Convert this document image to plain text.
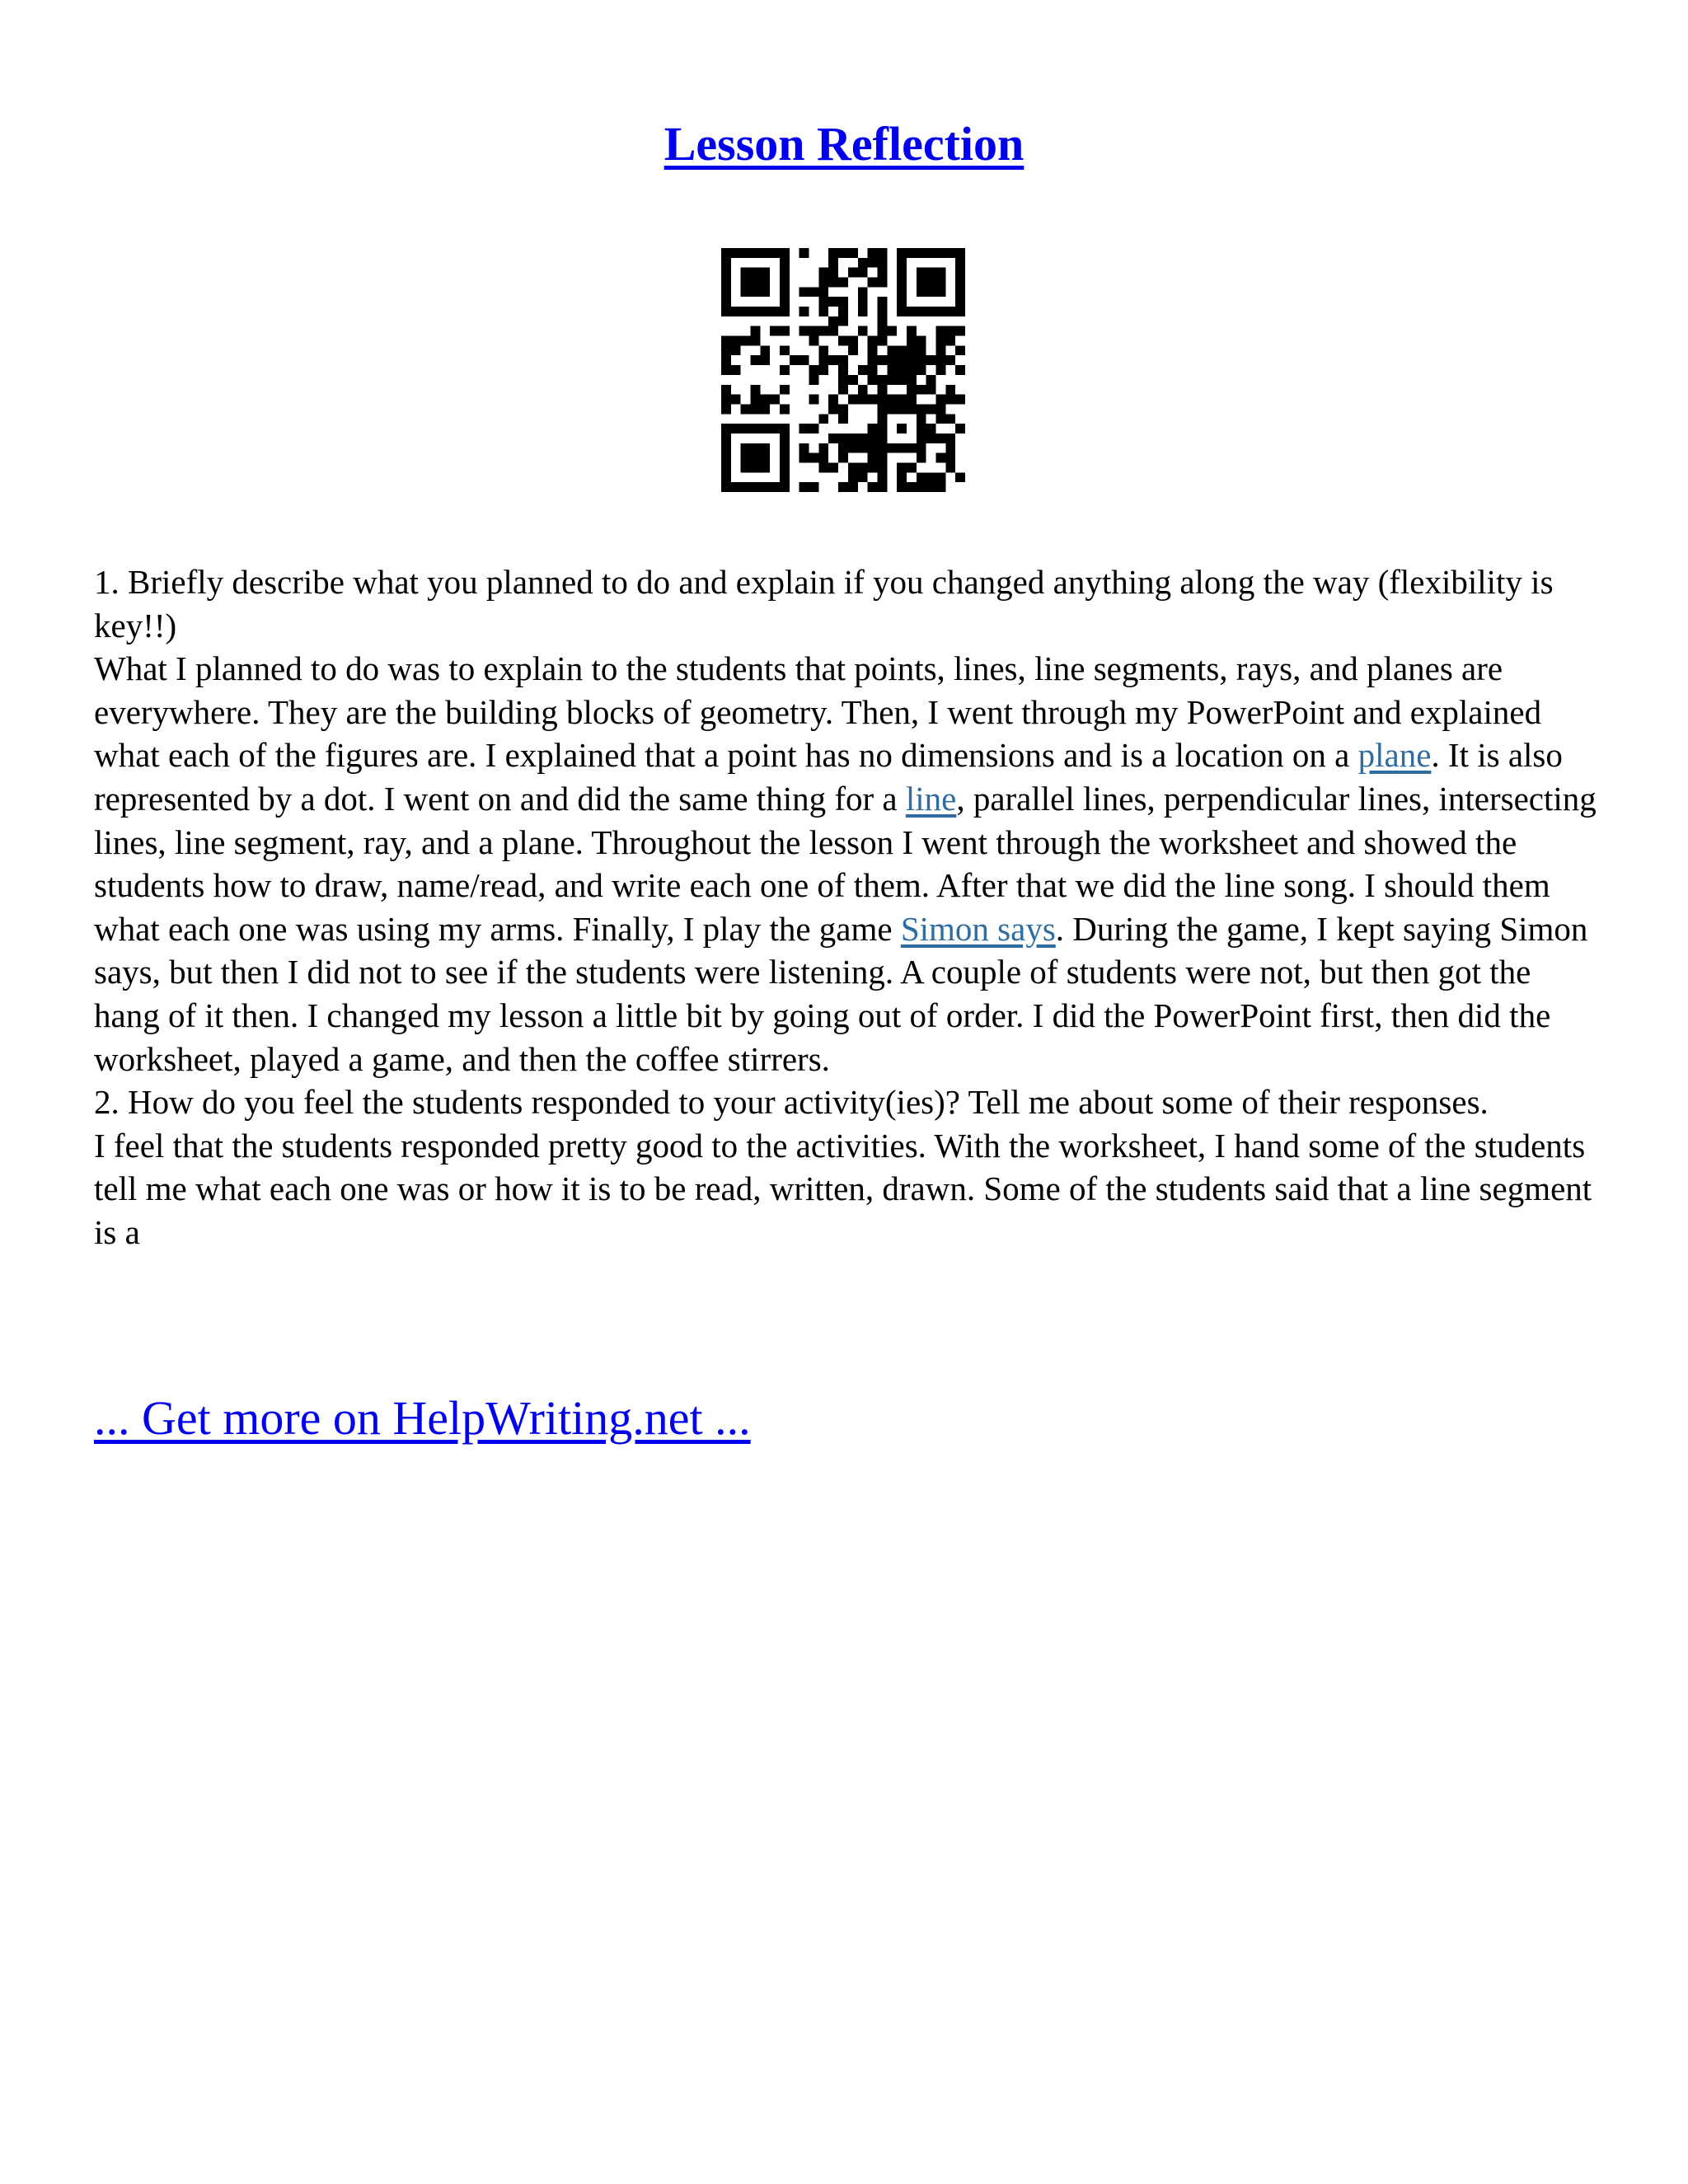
Lesson Reflection

1. Briefly describe what you planned to do and explain if you changed anything along the way (flexibility is key!!)

What I planned to do was to explain to the students that points, lines, line segments, rays, and planes are everywhere. They are the building blocks of geometry. Then, I went through my PowerPoint and explained what each of the figures are. I explained that a point has no dimensions and is a location on a plane. It is also represented by a dot. I went on and did the same thing for a line, parallel lines, perpendicular lines, intersecting lines, line segment, ray, and a plane. Throughout the lesson I went through the worksheet and showed the students how to draw, name/read, and write each one of them. After that we did the line song. I should them what each one was using my arms. Finally, I play the game Simon says. During the game, I kept saying Simon says, but then I did not to see if the students were listening. A couple of students were not, but then got the hang of it then. I changed my lesson a little bit by going out of order. I did the PowerPoint first, then did the worksheet, played a game, and then the coffee stirrers.

2. How do you feel the students responded to your activity(ies)? Tell me about some of their responses.

I feel that the students responded pretty good to the activities. With the worksheet, I hand some of the students tell me what each one was or how it is to be read, written, drawn. Some of the students said that a line segment is a

... Get more on HelpWriting.net ...
